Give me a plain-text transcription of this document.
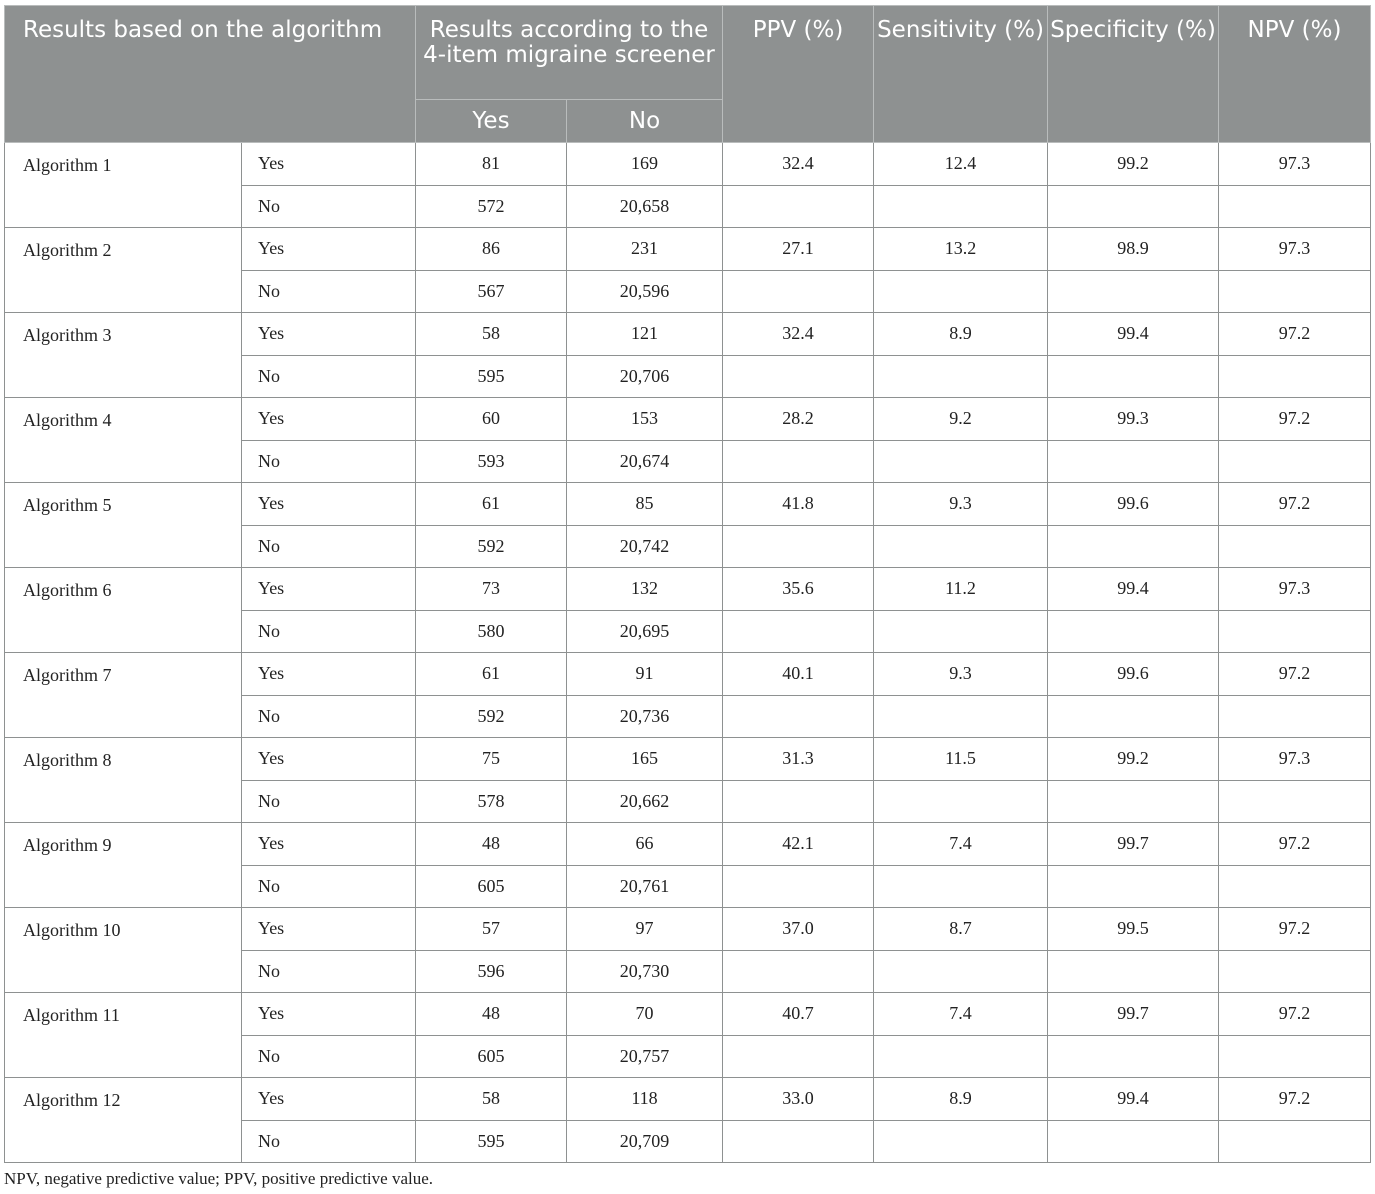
Results based on the algorithm		Results according to the 4-item migraine screener		PPV (%)	Sensitivity (%)	Specificity (%)	NPV (%)
		Yes	No				
Algorithm 1	Yes	81	169	32.4	12.4	99.2	97.3
	No	572	20,658				
Algorithm 2	Yes	86	231	27.1	13.2	98.9	97.3
	No	567	20,596				
Algorithm 3	Yes	58	121	32.4	8.9	99.4	97.2
	No	595	20,706				
Algorithm 4	Yes	60	153	28.2	9.2	99.3	97.2
	No	593	20,674				
Algorithm 5	Yes	61	85	41.8	9.3	99.6	97.2
	No	592	20,742				
Algorithm 6	Yes	73	132	35.6	11.2	99.4	97.3
	No	580	20,695				
Algorithm 7	Yes	61	91	40.1	9.3	99.6	97.2
	No	592	20,736				
Algorithm 8	Yes	75	165	31.3	11.5	99.2	97.3
	No	578	20,662				
Algorithm 9	Yes	48	66	42.1	7.4	99.7	97.2
	No	605	20,761				
Algorithm 10	Yes	57	97	37.0	8.7	99.5	97.2
	No	596	20,730				
Algorithm 11	Yes	48	70	40.7	7.4	99.7	97.2
	No	605	20,757				
Algorithm 12	Yes	58	118	33.0	8.9	99.4	97.2
	No	595	20,709				
NPV, negative predictive value; PPV, positive predictive value.
